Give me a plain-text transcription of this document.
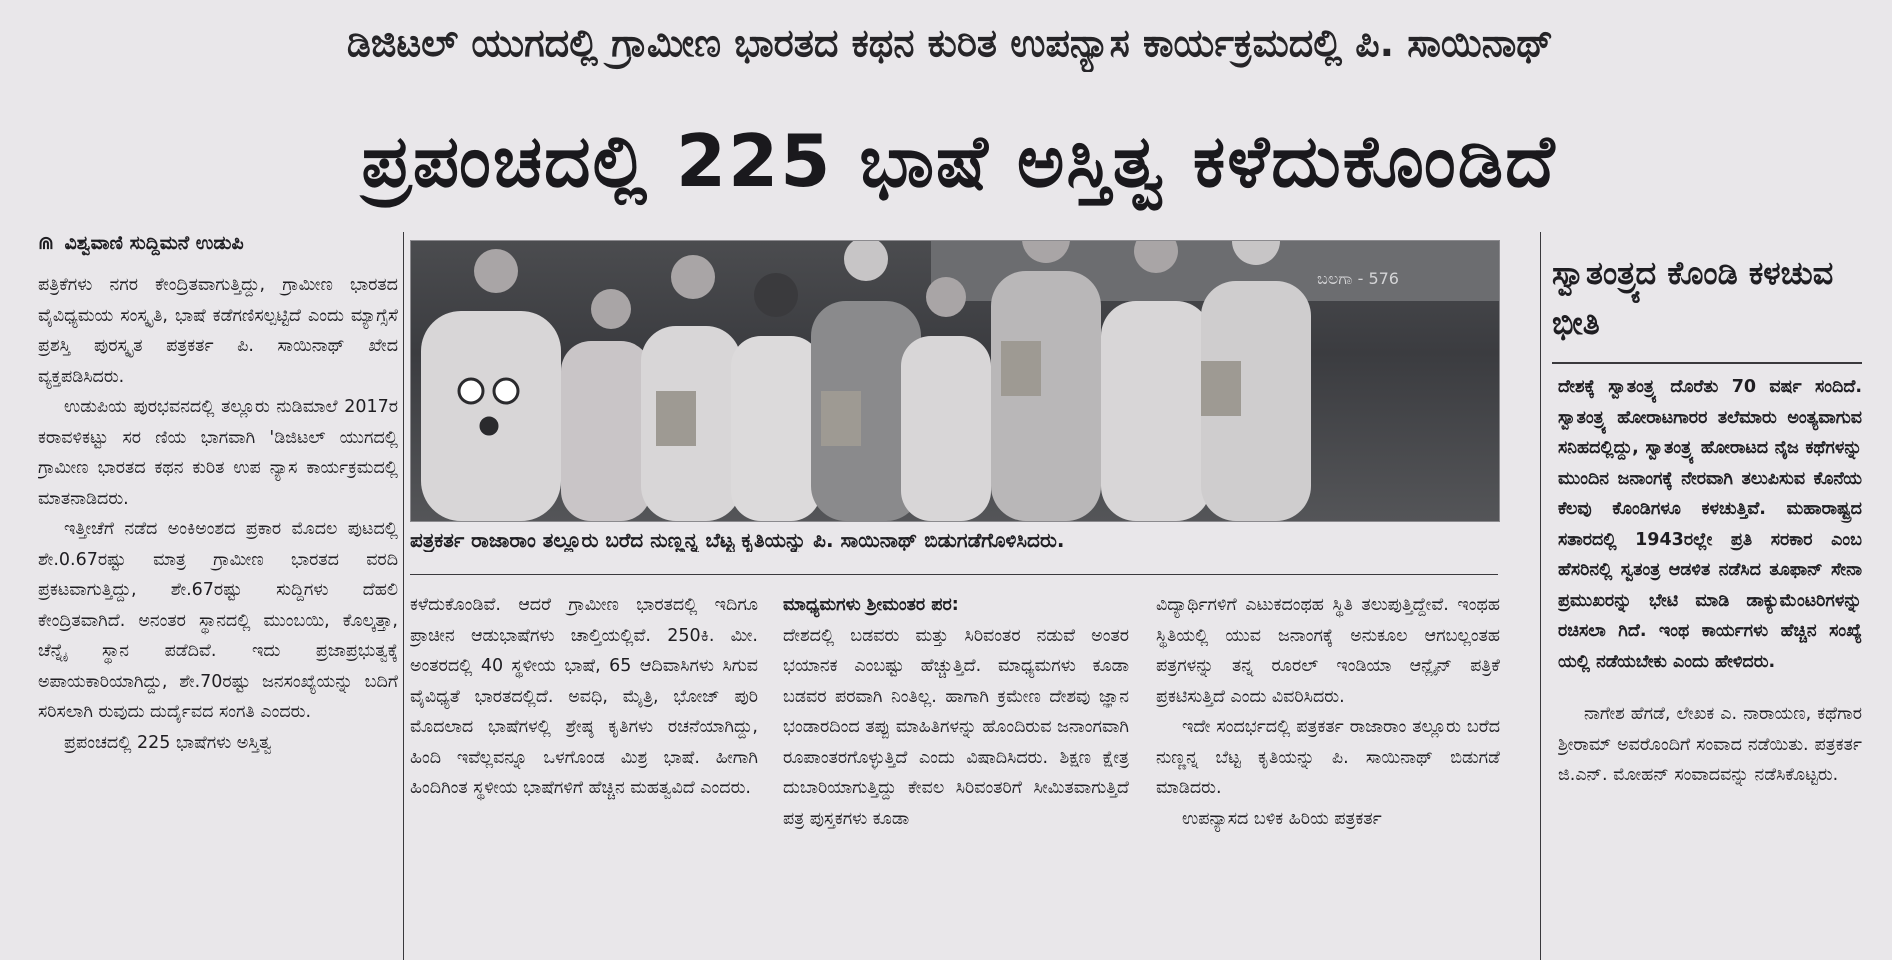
ಡಿಜಿಟಲ್ ಯುಗದಲ್ಲಿ ಗ್ರಾಮೀಣ ಭಾರತದ ಕಥನ ಕುರಿತ ಉಪನ್ಯಾಸ ಕಾರ್ಯಕ್ರಮದಲ್ಲಿ ಪಿ. ಸಾಯಿನಾಥ್
ಪ್ರಪಂಚದಲ್ಲಿ 225 ಭಾಷೆ ಅಸ್ತಿತ್ವ ಕಳೆದುಕೊಂಡಿದೆ
⋒ ವಿಶ್ವವಾಣಿ ಸುದ್ದಿಮನೆ ಉಡುಪಿ
ಬಲಗಾ - 576
ಪತ್ರಕರ್ತ ರಾಜಾರಾಂ ತಲ್ಲೂರು ಬರೆದ ನುಣ್ಣನ್ನ ಬೆಟ್ಟ ಕೃತಿಯನ್ನು ಪಿ. ಸಾಯಿನಾಥ್ ಬಿಡುಗಡೆಗೊಳಿಸಿದರು.

ಪತ್ರಿಕೆಗಳು ನಗರ ಕೇಂದ್ರಿತವಾಗುತ್ತಿದ್ದು, ಗ್ರಾಮೀಣ ಭಾರತದ ವೈವಿಧ್ಯಮಯ ಸಂಸ್ಕೃತಿ, ಭಾಷೆ ಕಡೆಗಣಿಸಲ್ಪಟ್ಟಿದೆ ಎಂದು ಮ್ಯಾಗ್ಸೆಸೆ ಪ್ರಶಸ್ತಿ ಪುರಸ್ಕೃತ ಪತ್ರಕರ್ತ ಪಿ. ಸಾಯಿನಾಥ್ ಖೇದ ವ್ಯಕ್ತಪಡಿಸಿದರು.

ಉಡುಪಿಯ ಪುರಭವನದಲ್ಲಿ ತಲ್ಲೂರು ನುಡಿಮಾಲೆ 2017ರ ಕರಾವಳಿಕಟ್ಟು ಸರ ಣಿಯ ಭಾಗವಾಗಿ 'ಡಿಜಿಟಲ್ ಯುಗದಲ್ಲಿ ಗ್ರಾಮೀಣ ಭಾರತದ ಕಥನ ಕುರಿತ ಉಪ ನ್ಯಾಸ ಕಾರ್ಯಕ್ರಮದಲ್ಲಿ ಮಾತನಾಡಿದರು.

ಇತ್ತೀಚೆಗೆ ನಡೆದ ಅಂಕಿಅಂಶದ ಪ್ರಕಾರ ಮೊದಲ ಪುಟದಲ್ಲಿ ಶೇ.0.67ರಷ್ಟು ಮಾತ್ರ ಗ್ರಾಮೀಣ ಭಾರತದ ವರದಿ ಪ್ರಕಟವಾಗುತ್ತಿದ್ದು, ಶೇ.67ರಷ್ಟು ಸುದ್ದಿಗಳು ದೆಹಲಿ ಕೇಂದ್ರಿತವಾಗಿದೆ. ಅನಂತರ ಸ್ಥಾನದಲ್ಲಿ ಮುಂಬಯಿ, ಕೊಲ್ಕತ್ತಾ, ಚೆನ್ನೈ ಸ್ಥಾನ ಪಡೆದಿವೆ. ಇದು ಪ್ರಜಾಪ್ರಭುತ್ವಕ್ಕೆ ಅಪಾಯಕಾರಿಯಾಗಿದ್ದು, ಶೇ.70ರಷ್ಟು ಜನಸಂಖ್ಯೆಯನ್ನು ಬದಿಗೆ ಸರಿಸಲಾಗಿ ರುವುದು ದುರ್ದೈವದ ಸಂಗತಿ ಎಂದರು.

ಪ್ರಪಂಚದಲ್ಲಿ 225 ಭಾಷೆಗಳು ಅಸ್ತಿತ್ವ

ಕಳೆದುಕೊಂಡಿವೆ. ಆದರೆ ಗ್ರಾಮೀಣ ಭಾರತದಲ್ಲಿ ಇದಿಗೂ ಪ್ರಾಚೀನ ಆಡುಭಾಷೆಗಳು ಚಾಲ್ತಿಯಲ್ಲಿವೆ. 250ಕಿ. ಮೀ. ಅಂತರದಲ್ಲಿ 40 ಸ್ಥಳೀಯ ಭಾಷೆ, 65 ಆದಿವಾಸಿಗಳು ಸಿಗುವ ವೈವಿಧ್ಯತೆ ಭಾರತದಲ್ಲಿದೆ. ಅವಧಿ, ಮೈತ್ರಿ, ಭೋಜ್ ಪುರಿ ಮೊದಲಾದ ಭಾಷೆಗಳಲ್ಲಿ ಶ್ರೇಷ್ಠ ಕೃತಿಗಳು ರಚನೆಯಾಗಿದ್ದು, ಹಿಂದಿ ಇವೆಲ್ಲವನ್ನೂ ಒಳಗೊಂಡ ಮಿಶ್ರ ಭಾಷೆ. ಹೀಗಾಗಿ ಹಿಂದಿಗಿಂತ ಸ್ಥಳೀಯ ಭಾಷೆಗಳಿಗೆ ಹೆಚ್ಚಿನ ಮಹತ್ವವಿದೆ ಎಂದರು.

ಮಾಧ್ಯಮಗಳು ಶ್ರೀಮಂತರ ಪರ:

ದೇಶದಲ್ಲಿ ಬಡವರು ಮತ್ತು ಸಿರಿವಂತರ ನಡುವೆ ಅಂತರ ಭಯಾನಕ ಎಂಬಷ್ಟು ಹೆಚ್ಚುತ್ತಿದೆ. ಮಾಧ್ಯಮಗಳು ಕೂಡಾ ಬಡವರ ಪರವಾಗಿ ನಿಂತಿಲ್ಲ. ಹಾಗಾಗಿ ಕ್ರಮೇಣ ದೇಶವು ಜ್ಞಾನ ಭಂಡಾರದಿಂದ ತಪ್ಪು ಮಾಹಿತಿಗಳನ್ನು ಹೊಂದಿರುವ ಜನಾಂಗವಾಗಿ ರೂಪಾಂತರಗೊಳ್ಳುತ್ತಿದೆ ಎಂದು ವಿಷಾದಿಸಿದರು. ಶಿಕ್ಷಣ ಕ್ಷೇತ್ರ ದುಬಾರಿಯಾಗುತ್ತಿದ್ದು ಕೇವಲ ಸಿರಿವಂತರಿಗೆ ಸೀಮಿತವಾಗುತ್ತಿದೆ ಪತ್ರ ಪುಸ್ತಕಗಳು ಕೂಡಾ

ವಿದ್ಯಾರ್ಥಿಗಳಿಗೆ ಎಟುಕದಂಥಹ ಸ್ಥಿತಿ ತಲುಪುತ್ತಿದ್ದೇವೆ. ಇಂಥಹ ಸ್ಥಿತಿಯಲ್ಲಿ ಯುವ ಜನಾಂಗಕ್ಕೆ ಅನುಕೂಲ ಆಗಬಲ್ಲಂತಹ ಪತ್ರಗಳನ್ನು ತನ್ನ ರೂರಲ್ ಇಂಡಿಯಾ ಆನ್ಲೈನ್ ಪತ್ರಿಕೆ ಪ್ರಕಟಿಸುತ್ತಿದೆ ಎಂದು ವಿವರಿಸಿದರು.

ಇದೇ ಸಂದರ್ಭದಲ್ಲಿ ಪತ್ರಕರ್ತ ರಾಜಾರಾಂ ತಲ್ಲೂರು ಬರೆದ ನುಣ್ಣನ್ನ ಬೆಟ್ಟ ಕೃತಿಯನ್ನು ಪಿ. ಸಾಯಿನಾಥ್ ಬಿಡುಗಡೆ ಮಾಡಿದರು.

ಉಪನ್ಯಾಸದ ಬಳಿಕ ಹಿರಿಯ ಪತ್ರಕರ್ತ

ಸ್ವಾತಂತ್ರ್ಯದ ಕೊಂಡಿ ಕಳಚುವ ಭೀತಿ

ದೇಶಕ್ಕೆ ಸ್ವಾತಂತ್ರ್ಯ ದೊರೆತು 70 ವರ್ಷ ಸಂದಿದೆ. ಸ್ವಾತಂತ್ರ್ಯ ಹೋರಾಟಗಾರರ ತಲೆಮಾರು ಅಂತ್ಯವಾಗುವ ಸನಿಹದಲ್ಲಿದ್ದು, ಸ್ವಾತಂತ್ರ್ಯ ಹೋರಾಟದ ನೈಜ ಕಥೆಗಳನ್ನು ಮುಂದಿನ ಜನಾಂಗಕ್ಕೆ ನೇರವಾಗಿ ತಲುಪಿಸುವ ಕೊನೆಯ ಕೆಲವು ಕೊಂಡಿಗಳೂ ಕಳಚುತ್ತಿವೆ. ಮಹಾರಾಷ್ಟ್ರದ ಸತಾರದಲ್ಲಿ 1943ರಲ್ಲೇ ಪ್ರತಿ ಸರಕಾರ ಎಂಬ ಹೆಸರಿನಲ್ಲಿ ಸ್ವತಂತ್ರ ಆಡಳಿತ ನಡೆಸಿದ ತೂಫಾನ್ ಸೇನಾ ಪ್ರಮುಖರನ್ನು ಭೇಟಿ ಮಾಡಿ ಡಾಕ್ಯುಮೆಂಟರಿಗಳನ್ನು ರಚಿಸಲಾ ಗಿದೆ. ಇಂಥ ಕಾರ್ಯಗಳು ಹೆಚ್ಚಿನ ಸಂಖ್ಯೆ ಯಲ್ಲಿ ನಡೆಯಬೇಕು ಎಂದು ಹೇಳಿದರು.

ನಾಗೇಶ ಹೆಗಡೆ, ಲೇಖಕ ಎ. ನಾರಾಯಣ, ಕಥೆಗಾರ ಶ್ರೀರಾಮ್ ಅವರೊಂದಿಗೆ ಸಂವಾದ ನಡೆಯಿತು. ಪತ್ರಕರ್ತ ಜಿ.ಎನ್. ಮೋಹನ್ ಸಂವಾದವನ್ನು ನಡೆಸಿಕೊಟ್ಟರು.
